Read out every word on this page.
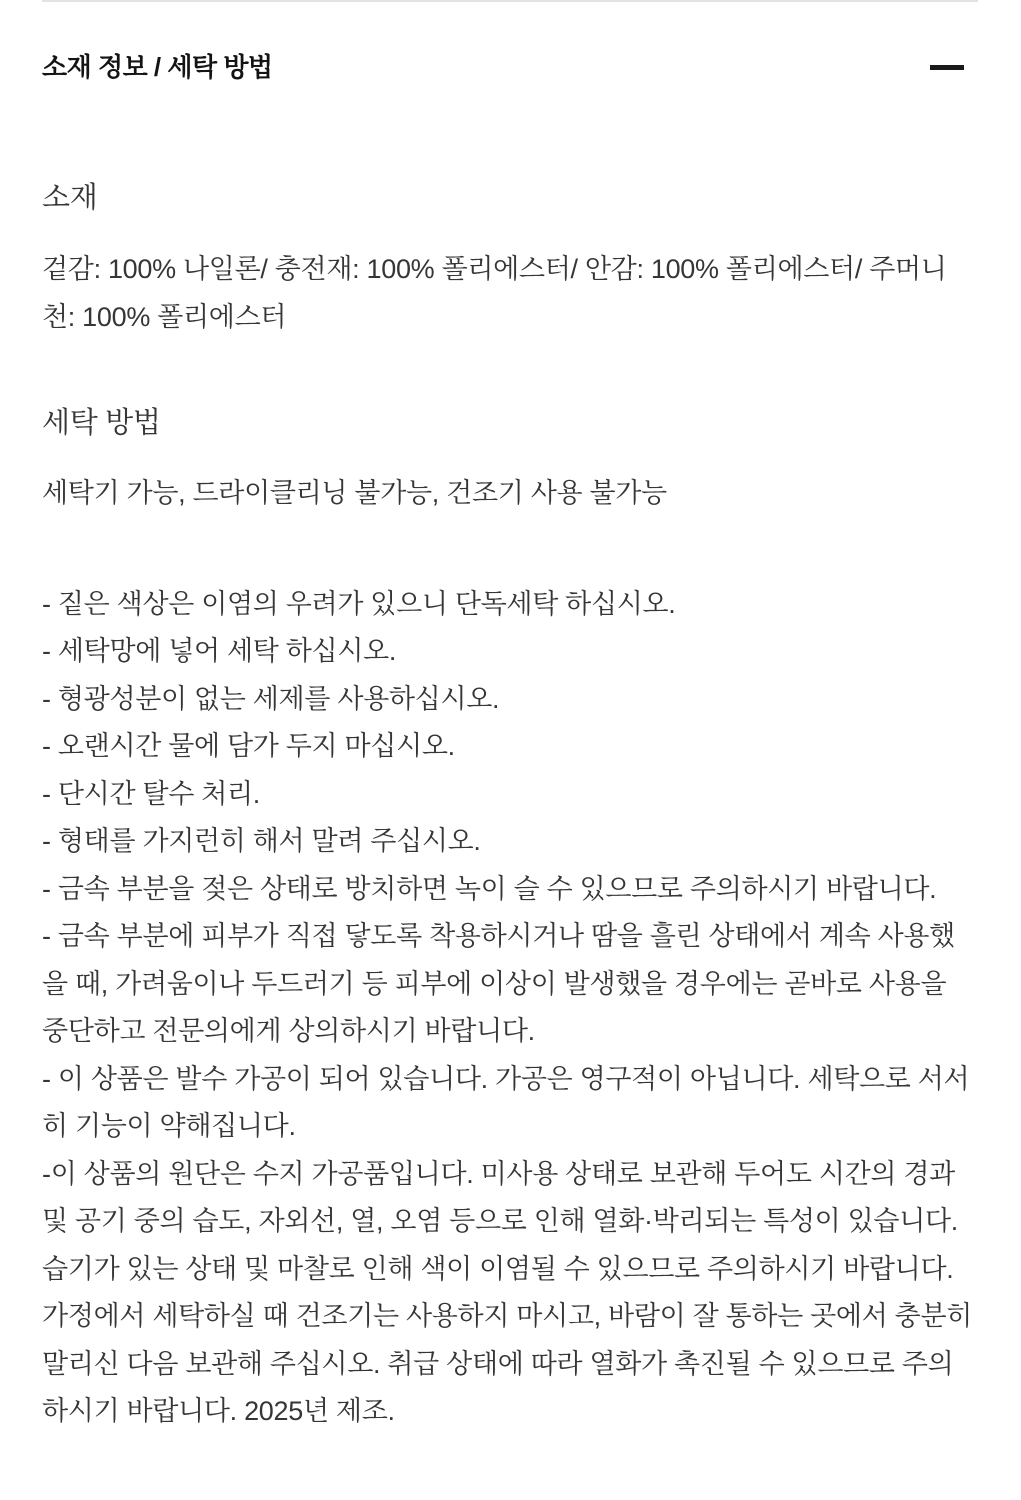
소재 정보 / 세탁 방법
소재

겉감: 100% 나일론/ 충전재: 100% 폴리에스터/ 안감: 100% 폴리에스터/ 주머니 천: 100% 폴리에스터

세탁 방법

세탁기 가능, 드라이클리닝 불가능, 건조기 사용 불가능

- 짙은 색상은 이염의 우려가 있으니 단독세탁 하십시오.
- 세탁망에 넣어 세탁 하십시오.
- 형광성분이 없는 세제를 사용하십시오.
- 오랜시간 물에 담가 두지 마십시오.
- 단시간 탈수 처리.
- 형태를 가지런히 해서 말려 주십시오.
- 금속 부분을 젖은 상태로 방치하면 녹이 슬 수 있으므로 주의하시기 바랍니다.
- 금속 부분에 피부가 직접 닿도록 착용하시거나 땀을 흘린 상태에서 계속 사용했을 때, 가려움이나 두드러기 등 피부에 이상이 발생했을 경우에는 곧바로 사용을 중단하고 전문의에게 상의하시기 바랍니다.
- 이 상품은 발수 가공이 되어 있습니다. 가공은 영구적이 아닙니다. 세탁으로 서서히 기능이 약해집니다.
-이 상품의 원단은 수지 가공품입니다. 미사용 상태로 보관해 두어도 시간의 경과 및 공기 중의 습도, 자외선, 열, 오염 등으로 인해 열화·박리되는 특성이 있습니다. 습기가 있는 상태 및 마찰로 인해 색이 이염될 수 있으므로 주의하시기 바랍니다. 가정에서 세탁하실 때 건조기는 사용하지 마시고, 바람이 잘 통하는 곳에서 충분히 말리신 다음 보관해 주십시오. 취급 상태에 따라 열화가 촉진될 수 있으므로 주의하시기 바랍니다. 2025년 제조.
